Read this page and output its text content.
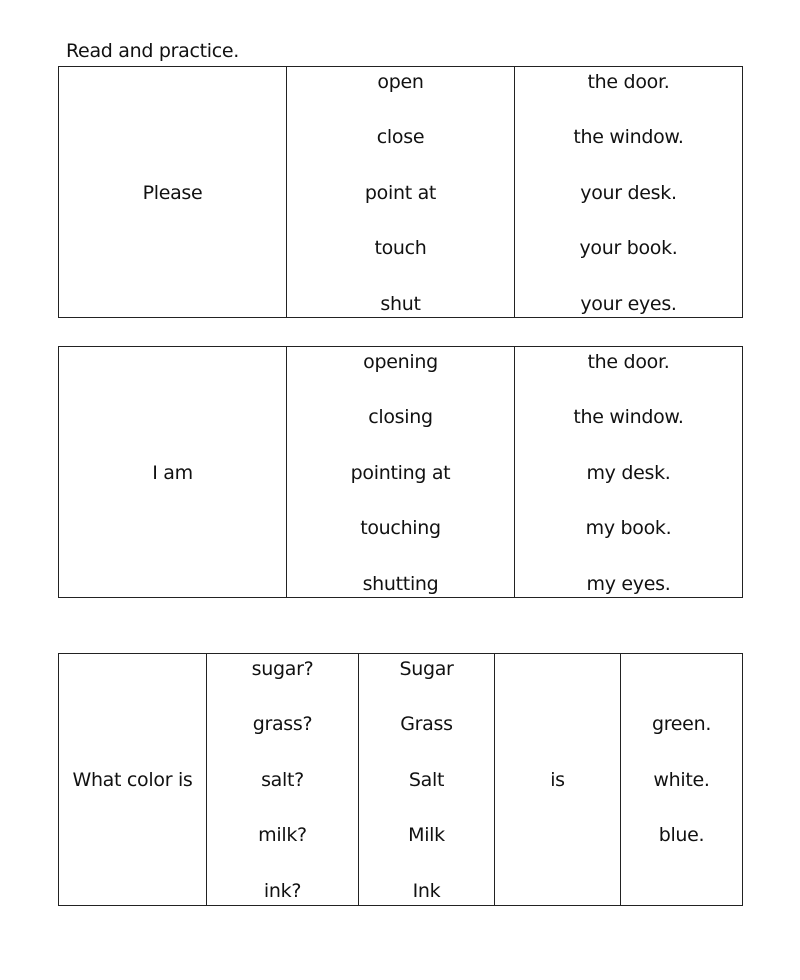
Read and practice.
Please
open
close
point at
touch
shut
the door.
the window.
your desk.
your book.
your eyes.
I am
opening
closing
pointing at
touching
shutting
the door.
the window.
my desk.
my book.
my eyes.
What color is
sugar?
grass?
salt?
milk?
ink?
Sugar
Grass
Salt
Milk
Ink
is
green.
white.
blue.
